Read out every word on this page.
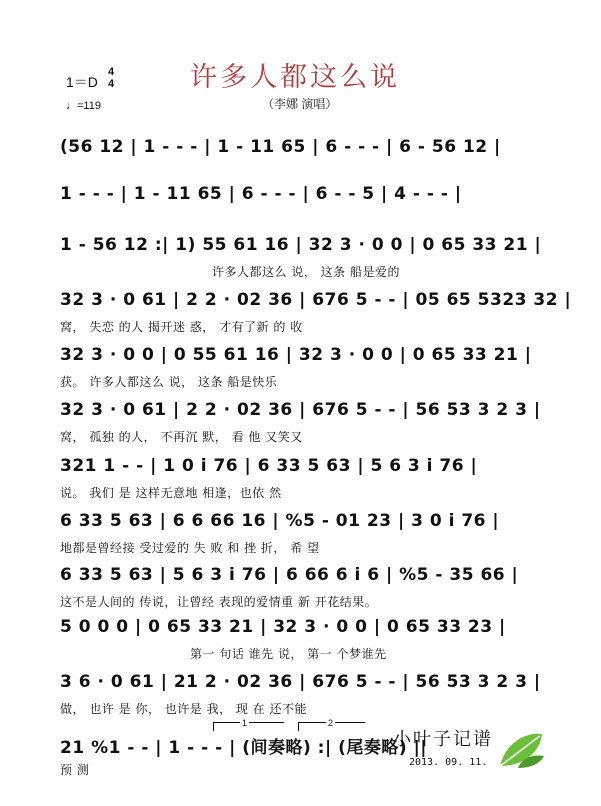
许多人都这么说
（李娜 演唱）
1＝D
4
4
♩=119
(56 12 | 1 - - - | 1 - 11 65 | 6 - - - | 6 - 56 12 |
1 - - - | 1 - 11 65 | 6 - - - | 6 - - 5 | 4 - - - |
1 - 56 12 :| 1) 55 61 16 | 32 3 · 0 0 | 0 65 33 21 |
许多人都这么 说， 这条 船是爱的
32 3 · 0 61 | 2 2 · 02 36 | 676 5 - - | 05 65 5323 32 |
窝， 失恋 的人 揭开迷 惑， 才有了新 的 收
32 3 · 0 0 | 0 55 61 16 | 32 3 · 0 0 | 0 65 33 21 |
获。 许多人都这么 说， 这条 船是快乐
32 3 · 0 61 | 2 2 · 02 36 | 676 5 - - | 56 53 3 2 3 |
窝， 孤独 的人， 不再沉 默， 看 他 又笑又
321 1 - - | 1 0 i 76 | 6 33 5 63 | 5 6 3 i 76 |
说。 我们 是 这样无意地 相逢，也依 然
6 33 5 63 | 6 6 66 16 | %5 - 01 23 | 3 0 i 76 |
地都是曾经接 受过爱的 失 败 和 挫 折， 希 望
6 33 5 63 | 5 6 3 i 76 | 6 66 6 i 6 | %5 - 35 66 |
这不是人间的 传说，让曾经 表现的爱情重 新 开花结果。
5 0 0 0 | 0 65 33 21 | 32 3 · 0 0 | 0 65 33 23 |
第一 句话 谁先 说， 第一 个梦谁先
3 6 · 0 61 | 21 2 · 02 36 | 676 5 - - | 56 53 3 2 3 |
做， 也许 是 你， 也许是 我， 现 在 还不能
1	2
21 %1 - - | 1 - - - | (间奏略) :| (尾奏略) ||
预 测
小叶子记谱
2013. 09. 11.
